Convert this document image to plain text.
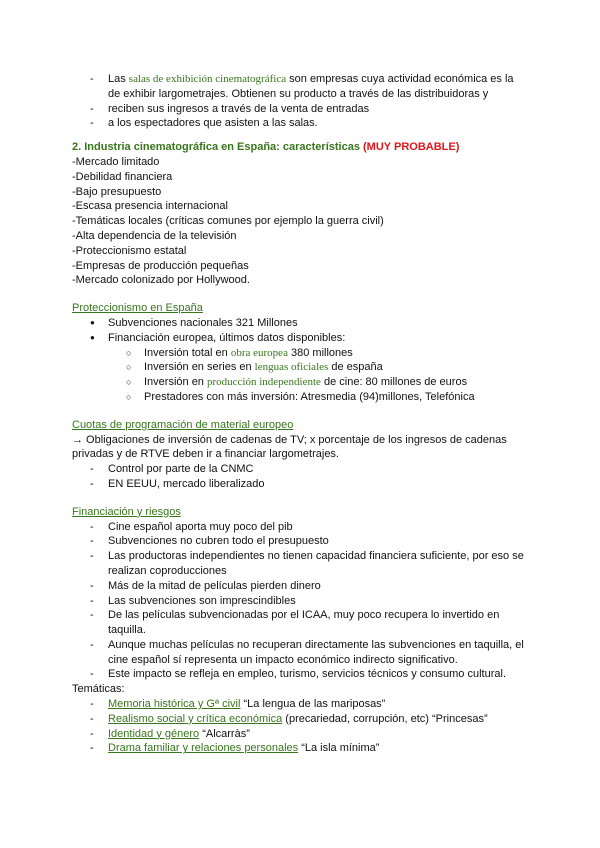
-	Las salas de exhibición cinematográfica son empresas cuya actividad económica es la de exhibir largometrajes. Obtienen su producto a través de las distribuidoras y
-	reciben sus ingresos a través de la venta de entradas
-	a los espectadores que asisten a las salas.
2. Industria cinematográfica en España: características (MUY PROBABLE)
-Mercado limitado
-Debilidad financiera
-Bajo presupuesto
-Escasa presencia internacional
-Temáticas locales (críticas comunes por ejemplo la guerra civil)
-Alta dependencia de la televisión
-Proteccionismo estatal
-Empresas de producción pequeñas
-Mercado colonizado por Hollywood.
Proteccionismo en España
●	Subvenciones nacionales 321 Millones
●	Financiación europea, últimos datos disponibles:
○	Inversión total en obra europea 380 millones
○	Inversión en series en lenguas oficiales de españa
○	Inversión en producción independiente de cine: 80 millones de euros
○	Prestadores con más inversión: Atresmedia (94)millones, Telefónica
Cuotas de programación de material europeo
→ Obligaciones de inversión de cadenas de TV; x porcentaje de los ingresos de cadenas privadas y de RTVE deben ir a financiar largometrajes.
-	Control por parte de la CNMC
-	EN EEUU, mercado liberalizado
Financiación y riesgos
-	Cine español aporta muy poco del pib
-	Subvenciones no cubren todo el presupuesto
-	Las productoras independientes no tienen capacidad financiera suficiente, por eso se realizan coproducciones
-	Más de la mitad de películas pierden dinero
-	Las subvenciones son imprescindibles
-	De las películas subvencionadas por el ICAA, muy poco recupera lo invertido en taquilla.
-	Aunque muchas películas no recuperan directamente las subvenciones en taquilla, el cine español sí representa un impacto económico indirecto significativo.
-	Este impacto se refleja en empleo, turismo, servicios técnicos y consumo cultural.
Temáticas:
-	Memoria histórica y Gª civil “La lengua de las mariposas”
-	Realismo social y crítica económica (precariedad, corrupción, etc) “Princesas”
-	Identidad y género “Alcarràs”
-	Drama familiar y relaciones personales “La isla mínima”
